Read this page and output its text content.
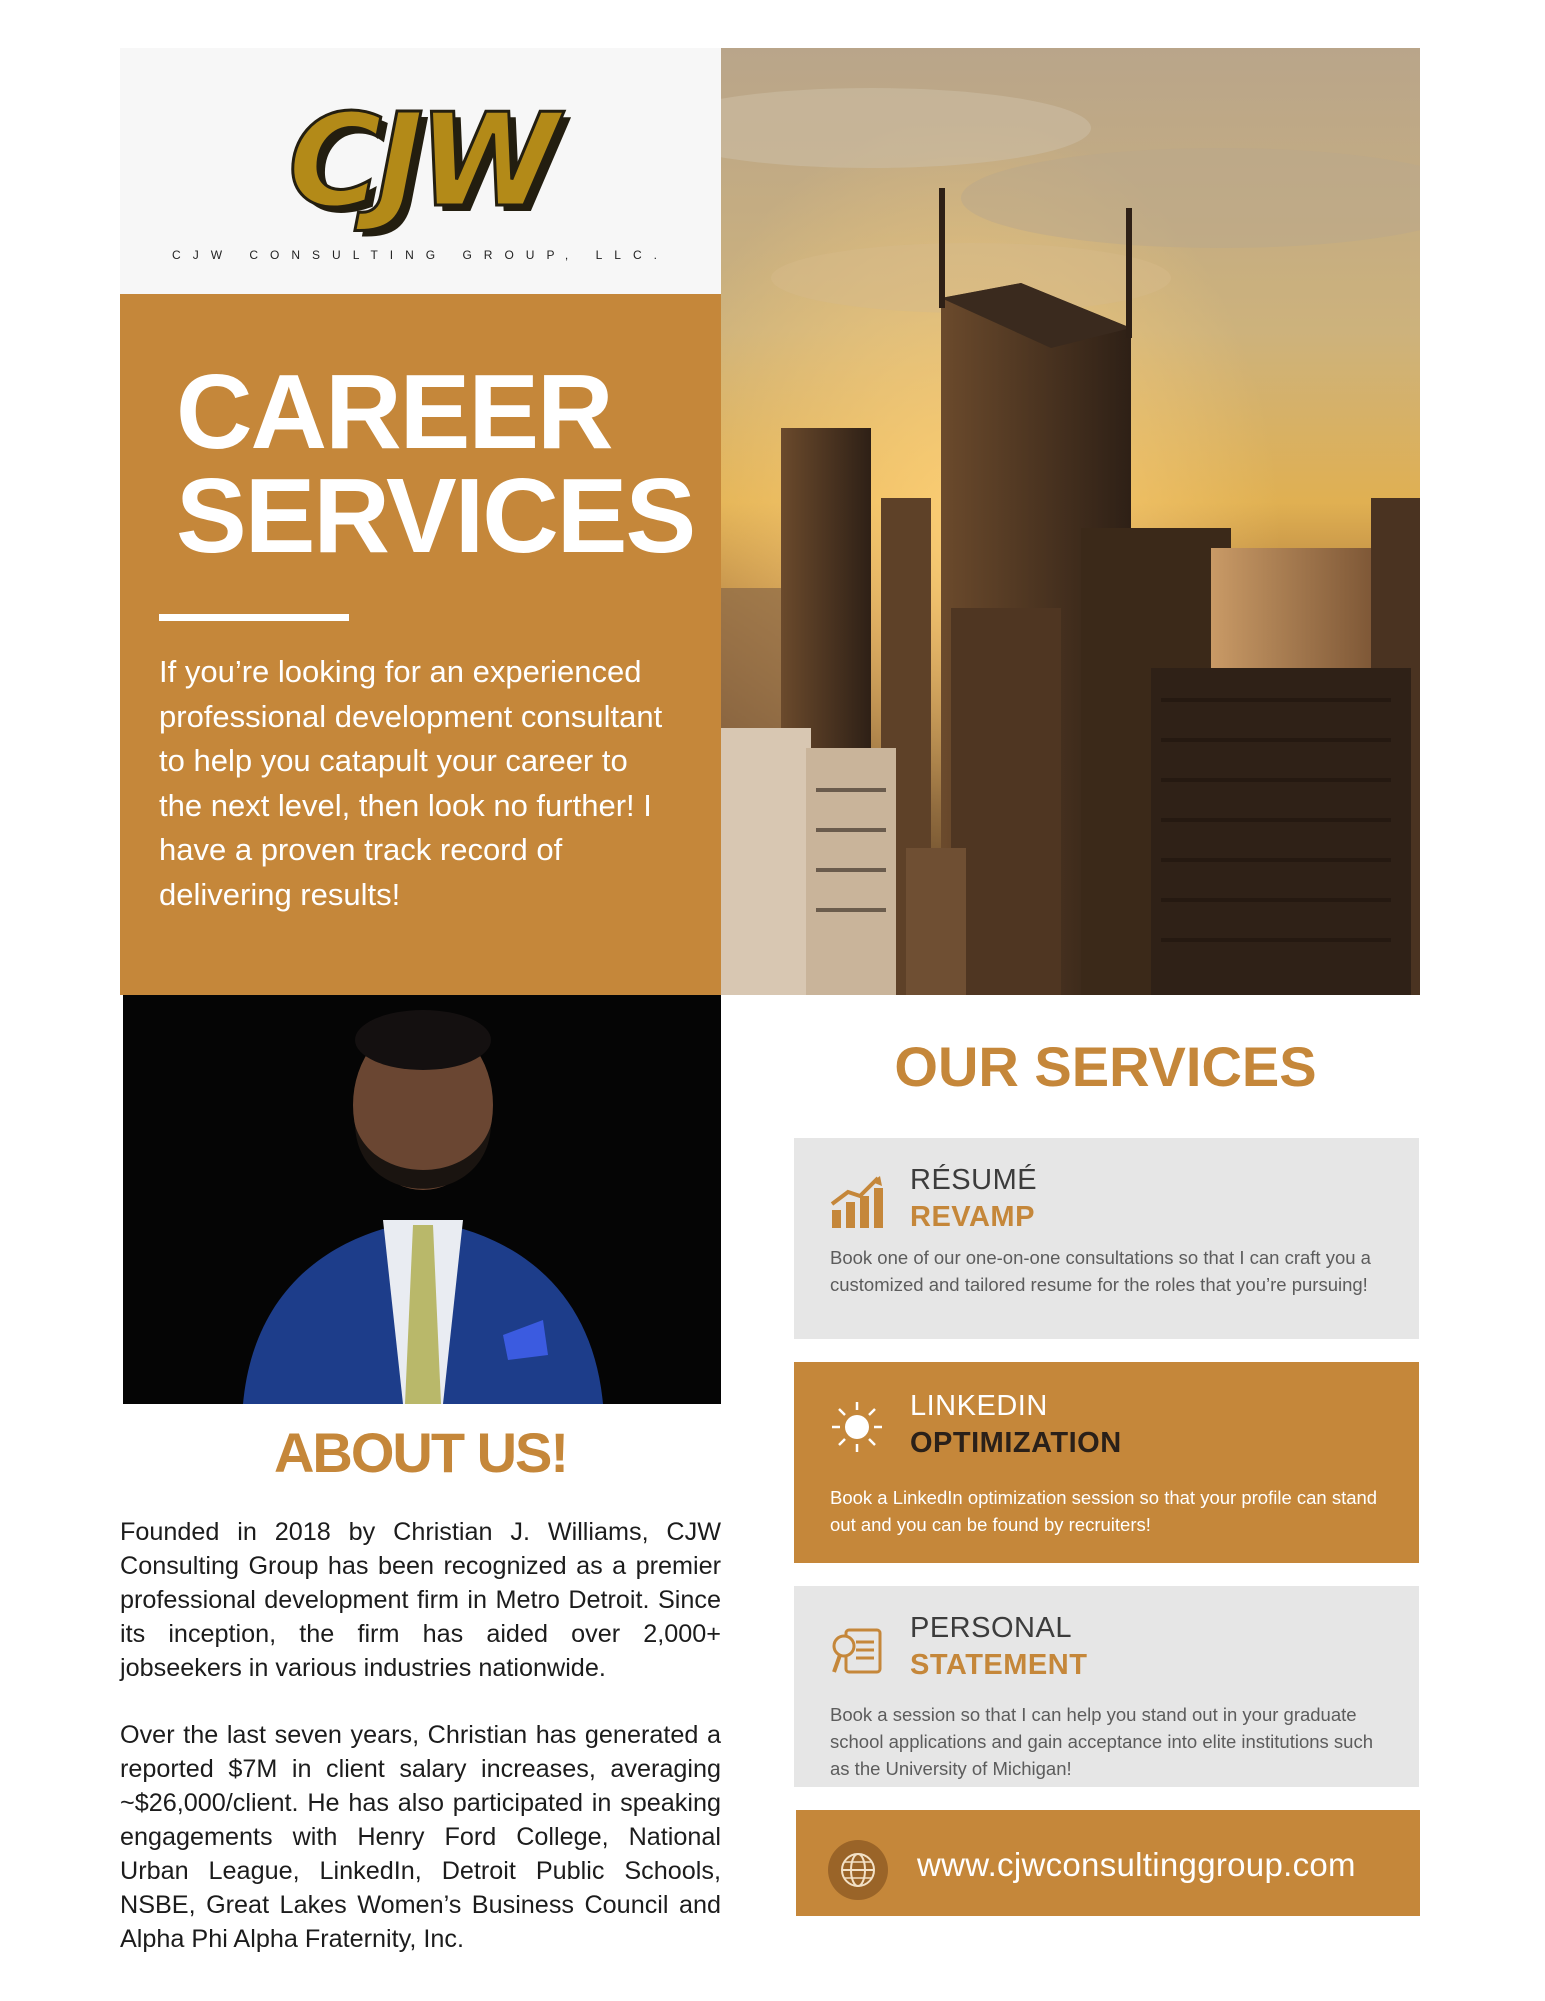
CJW
CJW CONSULTING GROUP, LLC.
CAREER
SERVICES
If you’re looking for an experienced professional development consultant to help you catapult your career to the next level, then look no further! I have a proven track record of delivering results!
ABOUT US!
Founded in 2018 by Christian J. Williams, CJW Consulting Group has been recognized as a premier professional development firm in Metro Detroit. Since its inception, the firm has aided over 2,000+ jobseekers in various industries nationwide.
Over the last seven years, Christian has generated a reported $7M in client salary increases, averaging ~$26,000/client. He has also participated in speaking engagements with Henry Ford College, National Urban League, LinkedIn, Detroit Public Schools, NSBE, Great Lakes Women’s Business Council and Alpha Phi Alpha Fraternity, Inc.
OUR SERVICES
RÉSUMÉ
REVAMP
Book one of our one-on-one consultations so that I can craft you a customized and tailored resume for the roles that you’re pursuing!
LINKEDIN
OPTIMIZATION
Book a LinkedIn optimization session so that your profile can stand out and you can be found by recruiters!
PERSONAL
STATEMENT
Book a session so that I can help you stand out in your graduate school applications and gain acceptance into elite institutions such as the University of Michigan!
www.cjwconsultinggroup.com
